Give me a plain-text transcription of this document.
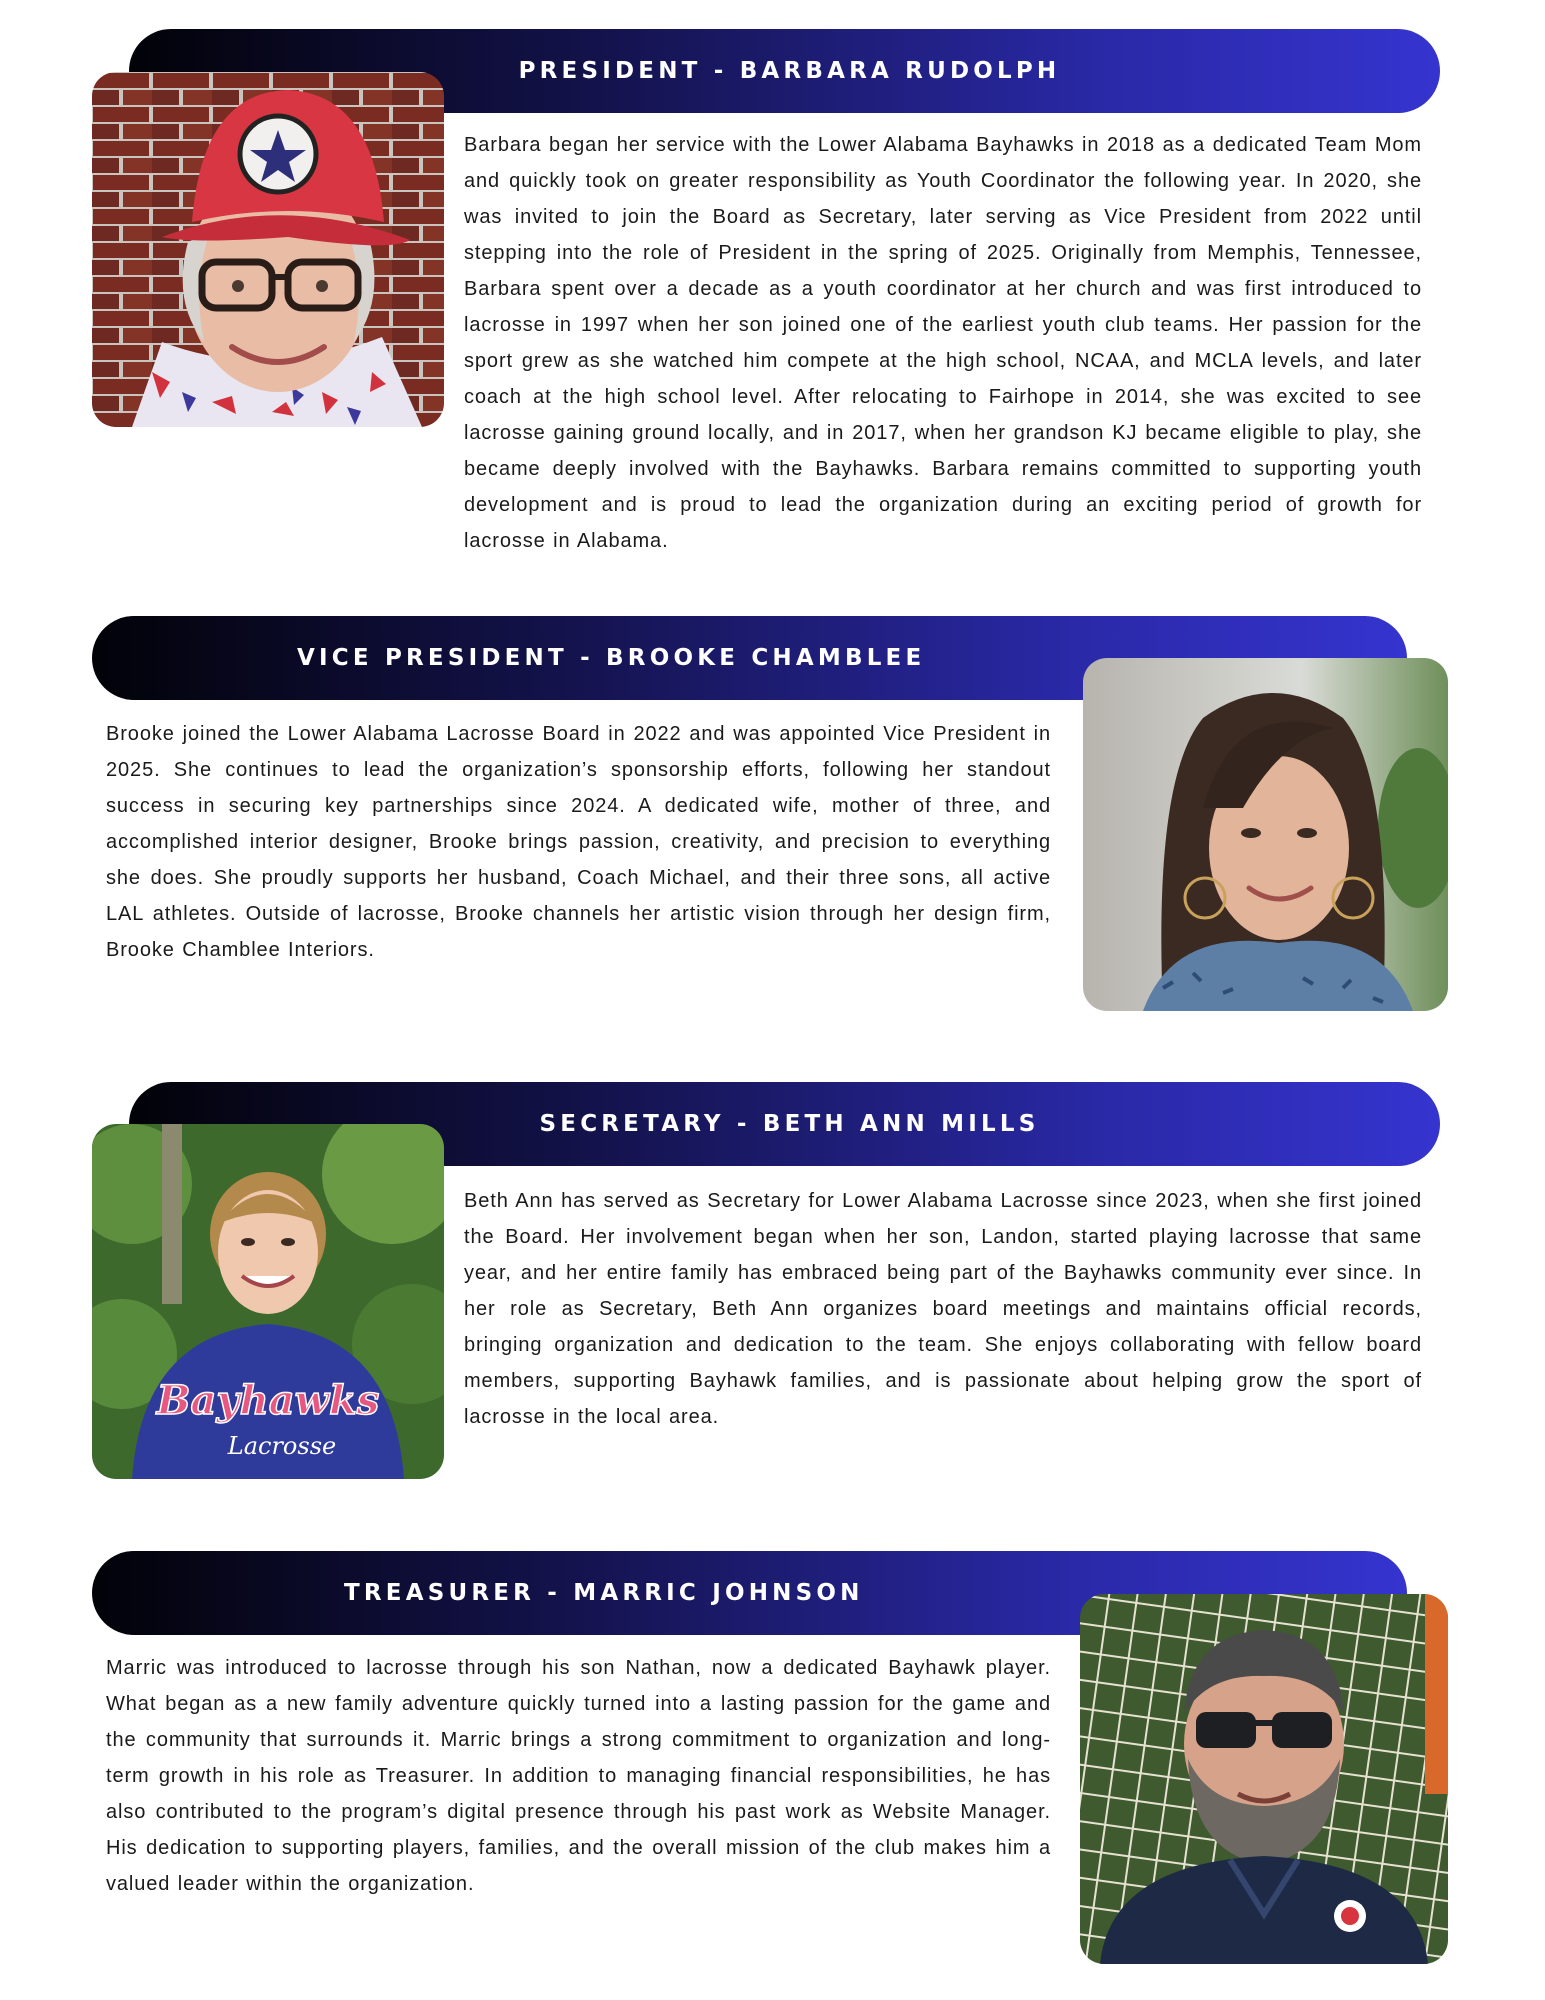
PRESIDENT - BARBARA RUDOLPH

Barbara began her service with the Lower Alabama Bayhawks in 2018 as a dedicated Team Mom and quickly took on greater responsibility as Youth Coordinator the following year. In 2020, she was invited to join the Board as Secretary, later serving as Vice President from 2022 until stepping into the role of President in the spring of 2025. Originally from Memphis, Tennessee, Barbara spent over a decade as a youth coordinator at her church and was first introduced to lacrosse in 1997 when her son joined one of the earliest youth club teams. Her passion for the sport grew as she watched him compete at the high school, NCAA, and MCLA levels, and later coach at the high school level. After relocating to Fairhope in 2014, she was excited to see lacrosse gaining ground locally, and in 2017, when her grandson KJ became eligible to play, she became deeply involved with the Bayhawks. Barbara remains committed to supporting youth development and is proud to lead the organization during an exciting period of growth for lacrosse in Alabama.

VICE PRESIDENT - BROOKE CHAMBLEE

Brooke joined the Lower Alabama Lacrosse Board in 2022 and was appointed Vice President in 2025. She continues to lead the organization’s sponsorship efforts, following her standout success in securing key partnerships since 2024. A dedicated wife, mother of three, and accomplished interior designer, Brooke brings passion, creativity, and precision to everything she does. She proudly supports her husband, Coach Michael, and their three sons, all active LAL athletes. Outside of lacrosse, Brooke channels her artistic vision through her design firm, Brooke Chamblee Interiors.

SECRETARY - BETH ANN MILLS
Bayhawks
Lacrosse

Beth Ann has served as Secretary for Lower Alabama Lacrosse since 2023, when she first joined the Board. Her involvement began when her son, Landon, started playing lacrosse that same year, and her entire family has embraced being part of the Bayhawks community ever since. In her role as Secretary, Beth Ann organizes board meetings and maintains official records, bringing organization and dedication to the team. She enjoys collaborating with fellow board members, supporting Bayhawk families, and is passionate about helping grow the sport of lacrosse in the local area.

TREASURER - MARRIC JOHNSON

Marric was introduced to lacrosse through his son Nathan, now a dedicated Bayhawk player. What began as a new family adventure quickly turned into a lasting passion for the game and the community that surrounds it. Marric brings a strong commitment to organization and long-term growth in his role as Treasurer. In addition to managing financial responsibilities, he has also contributed to the program’s digital presence through his past work as Website Manager. His dedication to supporting players, families, and the overall mission of the club makes him a valued leader within the organization.
